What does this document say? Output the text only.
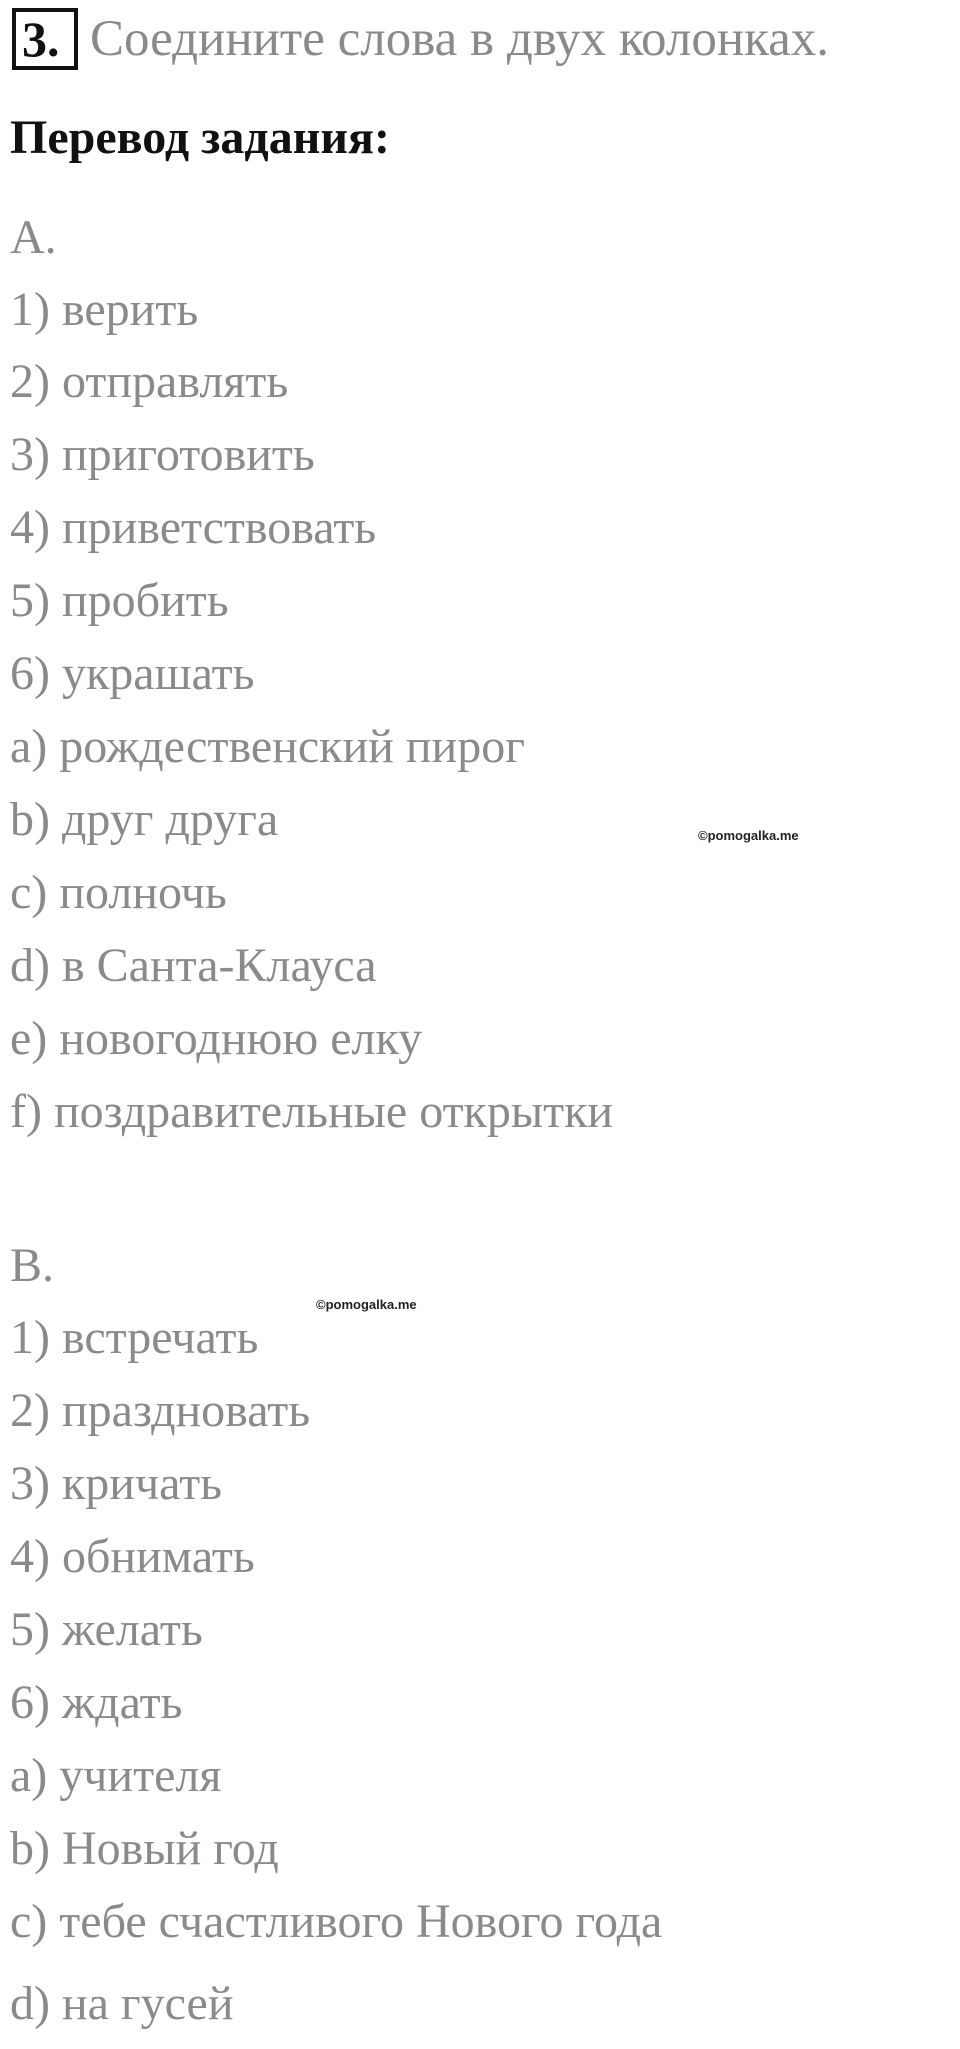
3. Соедините слова в двух колонках.
Перевод задания:
A.
1) верить
2) отправлять
3) приготовить
4) приветствовать
5) пробить
6) украшать
a) рождественский пирог
b) друг друга
c) полночь
d) в Санта-Клауса
e) новогоднюю елку
f) поздравительные открытки
©pomogalka.me
B.
©pomogalka.me
1) встречать
2) праздновать
3) кричать
4) обнимать
5) желать
6) ждать
a) учителя
b) Новый год
c) тебе счастливого Нового года
d) на гусей
